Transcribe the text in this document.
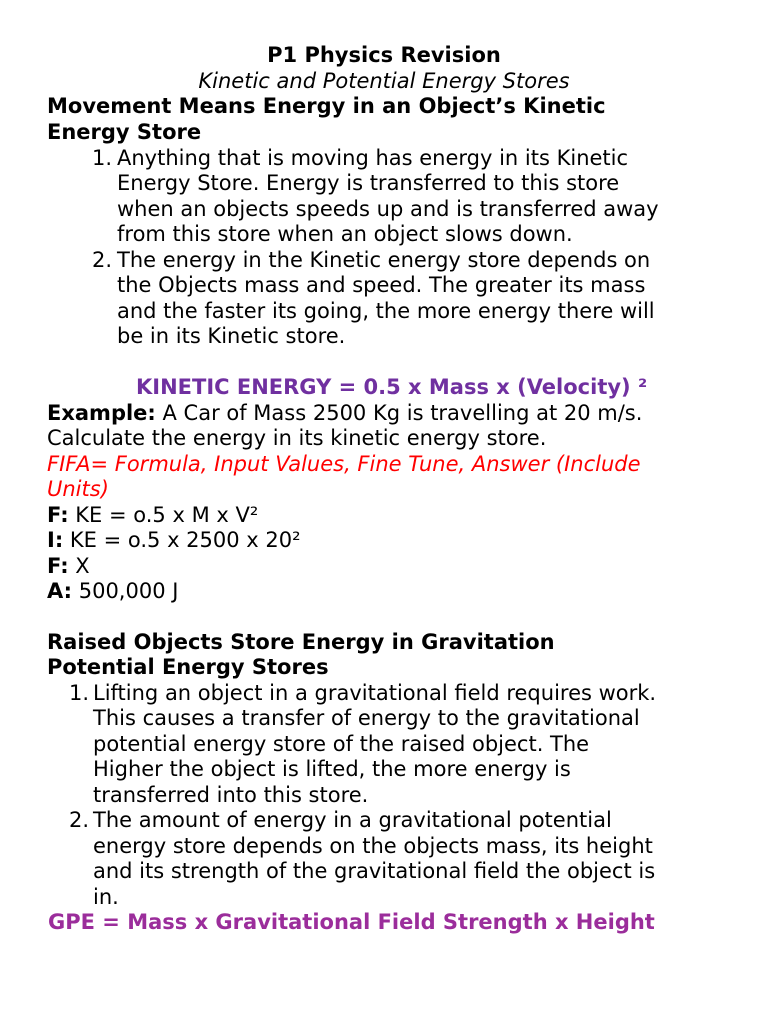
P1 Physics Revision
Kinetic and Potential Energy Stores
Movement Means Energy in an Object’s Kinetic
Energy Store
1. Anything that is moving has energy in its Kinetic
Energy Store. Energy is transferred to this store
when an objects speeds up and is transferred away
from this store when an object slows down.
2. The energy in the Kinetic energy store depends on
the Objects mass and speed. The greater its mass
and the faster its going, the more energy there will
be in its Kinetic store.
KINETIC ENERGY = 0.5 x Mass x (Velocity) ²
Example: A Car of Mass 2500 Kg is travelling at 20 m/s.
Calculate the energy in its kinetic energy store.
FIFA= Formula, Input Values, Fine Tune, Answer (Include
Units)
F: KE = o.5 x M x V²
I: KE = o.5 x 2500 x 20²
F: X
A: 500,000 J
Raised Objects Store Energy in Gravitation
Potential Energy Stores
1. Lifting an object in a gravitational field requires work.
This causes a transfer of energy to the gravitational
potential energy store of the raised object. The
Higher the object is lifted, the more energy is
transferred into this store.
2. The amount of energy in a gravitational potential
energy store depends on the objects mass, its height
and its strength of the gravitational field the object is
in.
GPE = Mass x Gravitational Field Strength x Height
